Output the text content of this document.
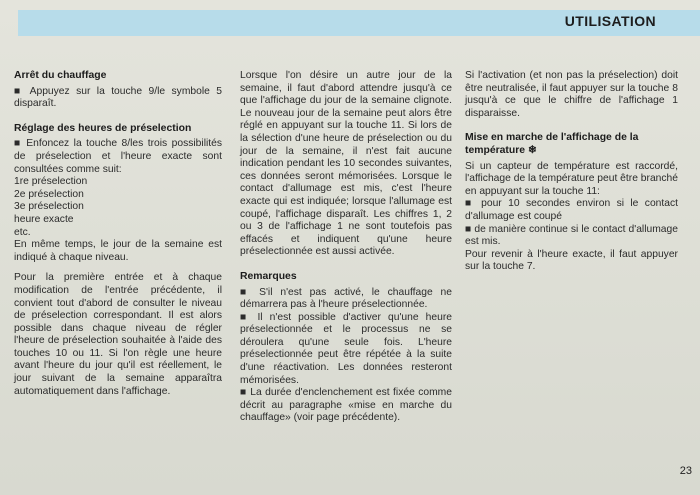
UTILISATION
Arrêt du chauffage

■ Appuyez sur la touche 9/le symbole 5 disparaît.

Réglage des heures de préselection

■ Enfoncez la touche 8/les trois possibilités de préselection et l'heure exacte sont consultées comme suit:

1re préselection
2e préselection
3e préselection
heure exacte
etc.

En même temps, le jour de la semaine est indiqué à chaque niveau.

Pour la première entrée et à chaque modification de l'entrée précédente, il convient tout d'abord de consulter le niveau de préselection correspondant. Il est alors possible dans chaque niveau de régler l'heure de préselection souhaitée à l'aide des touches 10 ou 11. Si l'on règle une heure avant l'heure du jour qu'il est réellement, le jour suivant de la semaine apparaîtra automatiquement dans l'affichage.

Lorsque l'on désire un autre jour de la semaine, il faut d'abord attendre jusqu'à ce que l'affichage du jour de la semaine clignote. Le nouveau jour de la semaine peut alors être réglé en appuyant sur la touche 11. Si lors de la sélection d'une heure de préselection ou du jour de la semaine, il n'est fait aucune indication pendant les 10 secondes suivantes, ces données seront mémorisées. Lorsque le contact d'allumage est mis, c'est l'heure exacte qui est indiquée; lorsque l'allumage est coupé, l'affichage disparaît. Les chiffres 1, 2 ou 3 de l'affichage 1 ne sont toutefois pas effacés et indiquent qu'une heure préselectionnée est aussi activée.

Remarques

■ S'il n'est pas activé, le chauffage ne démarrera pas à l'heure préselectionnée.

■ Il n'est possible d'activer qu'une heure préselectionnée et le processus ne se déroulera qu'une seule fois. L'heure préselectionnée peut être répétée à la suite d'une réactivation. Les données resteront mémorisées.

■ La durée d'enclenchement est fixée comme décrit au paragraphe «mise en marche du chauffage» (voir page précédente).

Si l'activation (et non pas la préselection) doit être neutralisée, il faut appuyer sur la touche 8 jusqu'à ce que le chiffre de l'affichage 1 disparaisse.

Mise en marche de l'affichage de la température ❄

Si un capteur de température est raccordé, l'affichage de la température peut être branché en appuyant sur la touche 11:

■ pour 10 secondes environ si le contact d'allumage est coupé

■ de manière continue si le contact d'allumage est mis.

Pour revenir à l'heure exacte, il faut appuyer sur la touche 7.

23
